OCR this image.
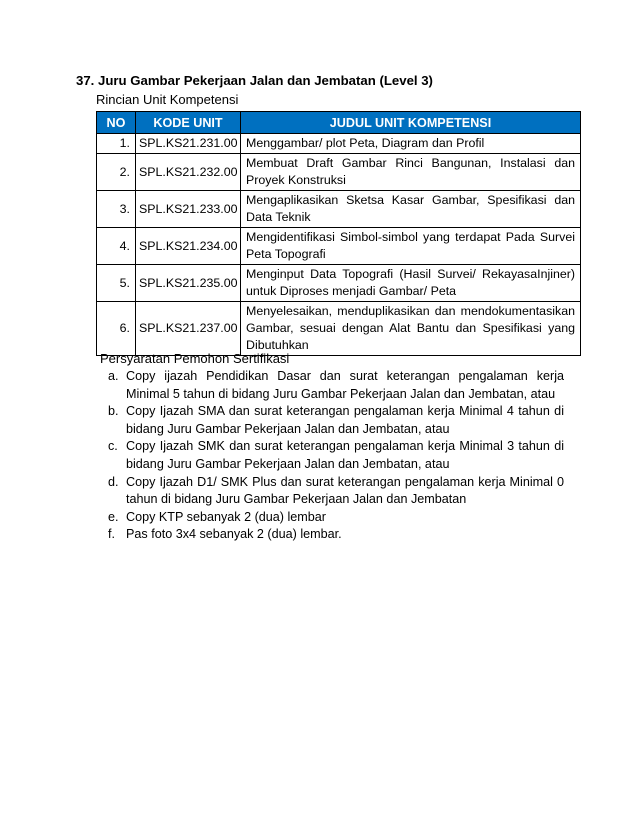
37. Juru Gambar Pekerjaan Jalan dan Jembatan (Level 3)
Rincian Unit Kompetensi
NO	KODE UNIT	JUDUL UNIT KOMPETENSI
1.	SPL.KS21.231.00	Menggambar/ plot Peta, Diagram dan Profil
2.	SPL.KS21.232.00	Membuat Draft Gambar Rinci Bangunan, Instalasi dan Proyek Konstruksi
3.	SPL.KS21.233.00	Mengaplikasikan Sketsa Kasar Gambar, Spesifikasi dan Data Teknik
4.	SPL.KS21.234.00	Mengidentifikasi Simbol-simbol yang terdapat Pada Survei Peta Topografi
5.	SPL.KS21.235.00	Menginput Data Topografi (Hasil Survei/ RekayasaInjiner) untuk Diproses menjadi Gambar/ Peta
6.	SPL.KS21.237.00	Menyelesaikan, menduplikasikan dan mendokumentasikan Gambar, sesuai dengan Alat Bantu dan Spesifikasi yang Dibutuhkan
Persyaratan Pemohon Sertifikasi
a. Copy ijazah Pendidikan Dasar dan surat keterangan pengalaman kerja Minimal 5 tahun di bidang Juru Gambar Pekerjaan Jalan dan Jembatan, atau
b. Copy Ijazah SMA dan surat keterangan pengalaman kerja Minimal 4 tahun di bidang Juru Gambar Pekerjaan Jalan dan Jembatan, atau
c. Copy Ijazah SMK dan surat keterangan pengalaman kerja Minimal 3 tahun di bidang Juru Gambar Pekerjaan Jalan dan Jembatan, atau
d. Copy Ijazah D1/ SMK Plus dan surat keterangan pengalaman kerja Minimal 0 tahun di bidang Juru Gambar Pekerjaan Jalan dan Jembatan
e. Copy KTP sebanyak 2 (dua) lembar
f. Pas foto 3x4 sebanyak 2 (dua) lembar.
